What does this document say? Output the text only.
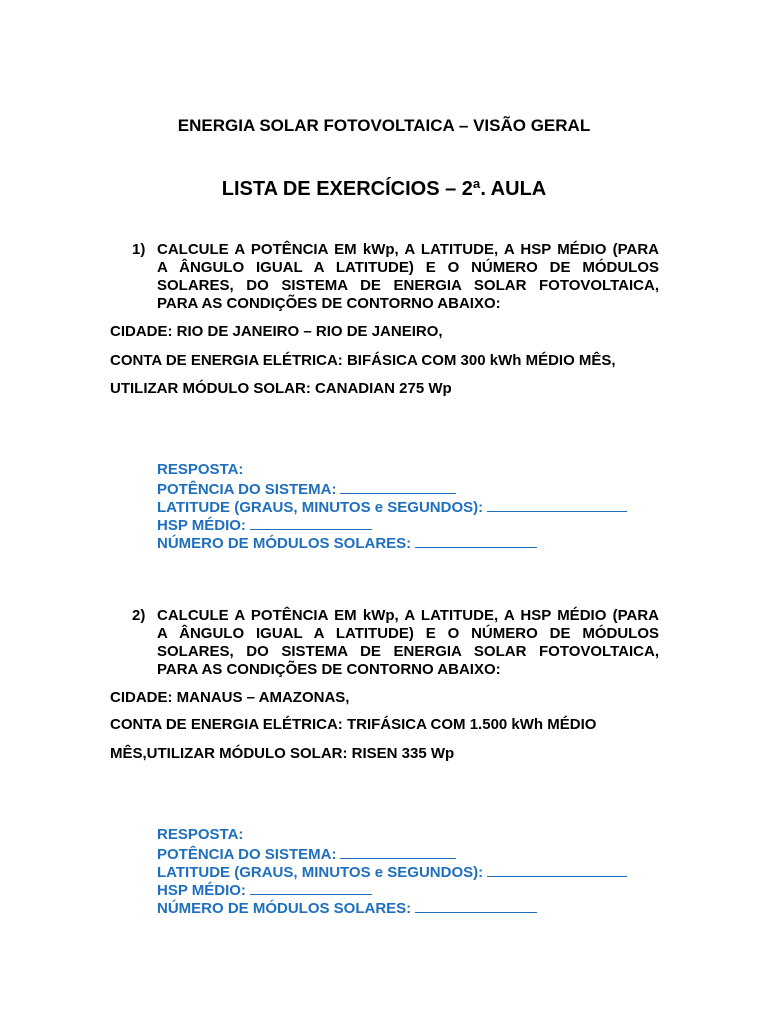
ENERGIA SOLAR FOTOVOLTAICA – VISÃO GERAL
LISTA DE EXERCÍCIOS – 2ª. AULA
1) CALCULE A POTÊNCIA EM kWp, A LATITUDE, A HSP MÉDIO (PARA
A ÂNGULO IGUAL A LATITUDE) E O NÚMERO DE MÓDULOS
SOLARES, DO SISTEMA DE ENERGIA SOLAR FOTOVOLTAICA,
PARA AS CONDIÇÕES DE CONTORNO ABAIXO:
CIDADE: RIO DE JANEIRO – RIO DE JANEIRO,
CONTA DE ENERGIA ELÉTRICA: BIFÁSICA COM 300 kWh MÉDIO MÊS,
UTILIZAR MÓDULO SOLAR: CANADIAN 275 Wp
RESPOSTA:
POTÊNCIA DO SISTEMA:
LATITUDE (GRAUS, MINUTOS e SEGUNDOS):
HSP MÉDIO:
NÚMERO DE MÓDULOS SOLARES:
2) CALCULE A POTÊNCIA EM kWp, A LATITUDE, A HSP MÉDIO (PARA
A ÂNGULO IGUAL A LATITUDE) E O NÚMERO DE MÓDULOS
SOLARES, DO SISTEMA DE ENERGIA SOLAR FOTOVOLTAICA,
PARA AS CONDIÇÕES DE CONTORNO ABAIXO:
CIDADE: MANAUS – AMAZONAS,
CONTA DE ENERGIA ELÉTRICA: TRIFÁSICA COM 1.500 kWh MÉDIO
MÊS,UTILIZAR MÓDULO SOLAR: RISEN 335 Wp
RESPOSTA:
POTÊNCIA DO SISTEMA:
LATITUDE (GRAUS, MINUTOS e SEGUNDOS):
HSP MÉDIO:
NÚMERO DE MÓDULOS SOLARES:
